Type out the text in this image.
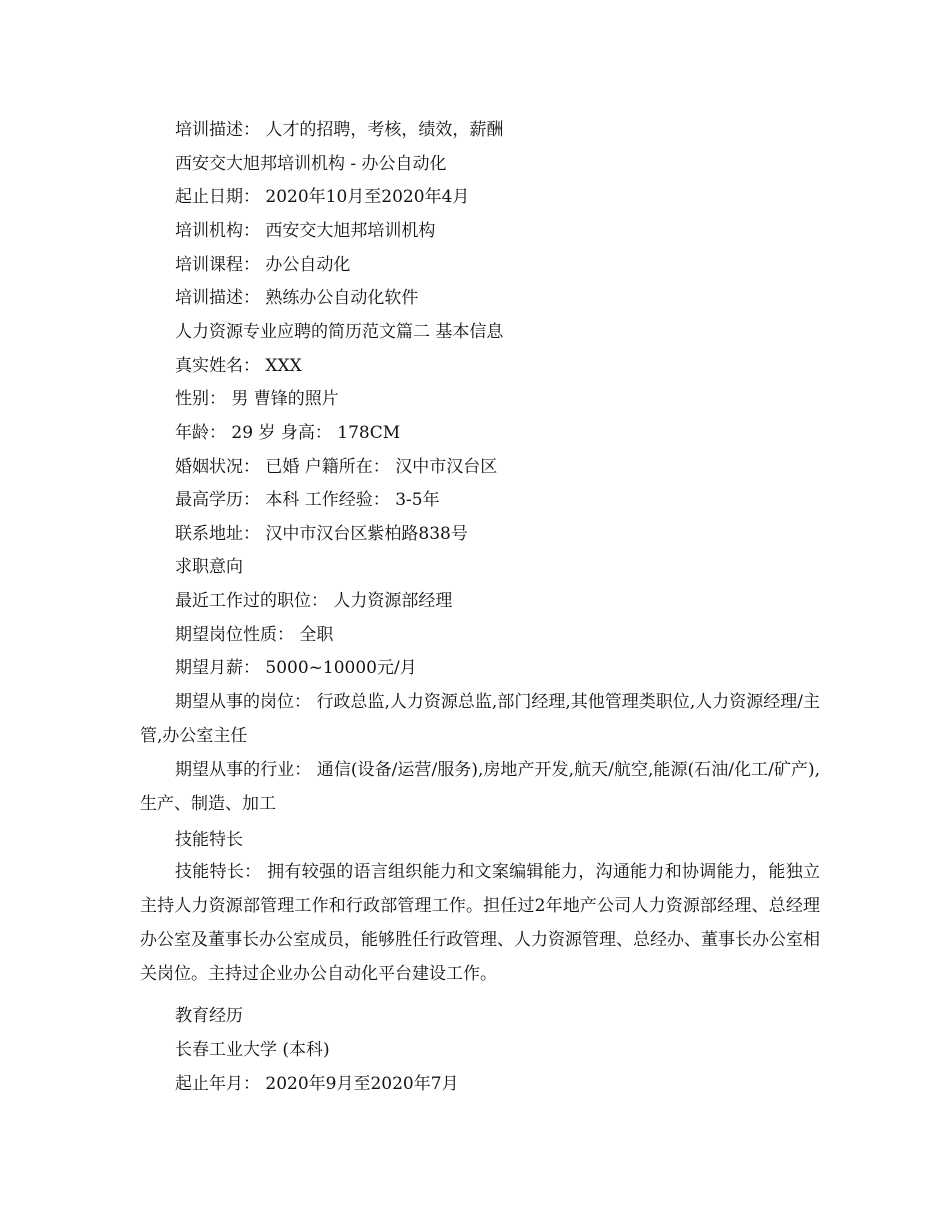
培训描述： 人才的招聘，考核，绩效，薪酬
西安交大旭邦培训机构 - 办公自动化
起止日期： 2020年10月至2020年4月
培训机构： 西安交大旭邦培训机构
培训课程： 办公自动化
培训描述： 熟练办公自动化软件
人力资源专业应聘的简历范文篇二 基本信息
真实姓名： XXX
性别： 男 曹锋的照片
年龄： 29 岁 身高： 178CM
婚姻状况： 已婚 户籍所在： 汉中市汉台区
最高学历： 本科 工作经验： 3-5年
联系地址： 汉中市汉台区紫柏路838号
求职意向
最近工作过的职位： 人力资源部经理
期望岗位性质： 全职
期望月薪： 5000~10000元/月
期望从事的岗位： 行政总监,人力资源总监,部门经理,其他管理类职位,人力资源经理/主管,办公室主任
期望从事的行业： 通信(设备/运营/服务),房地产开发,航天/航空,能源(石油/化工/矿产),生产、制造、加工
技能特长
技能特长： 拥有较强的语言组织能力和文案编辑能力，沟通能力和协调能力，能独立主持人力资源部管理工作和行政部管理工作。担任过2年地产公司人力资源部经理、总经理办公室及董事长办公室成员，能够胜任行政管理、人力资源管理、总经办、董事长办公室相关岗位。主持过企业办公自动化平台建设工作。
教育经历
长春工业大学 (本科)
起止年月： 2020年9月至2020年7月
